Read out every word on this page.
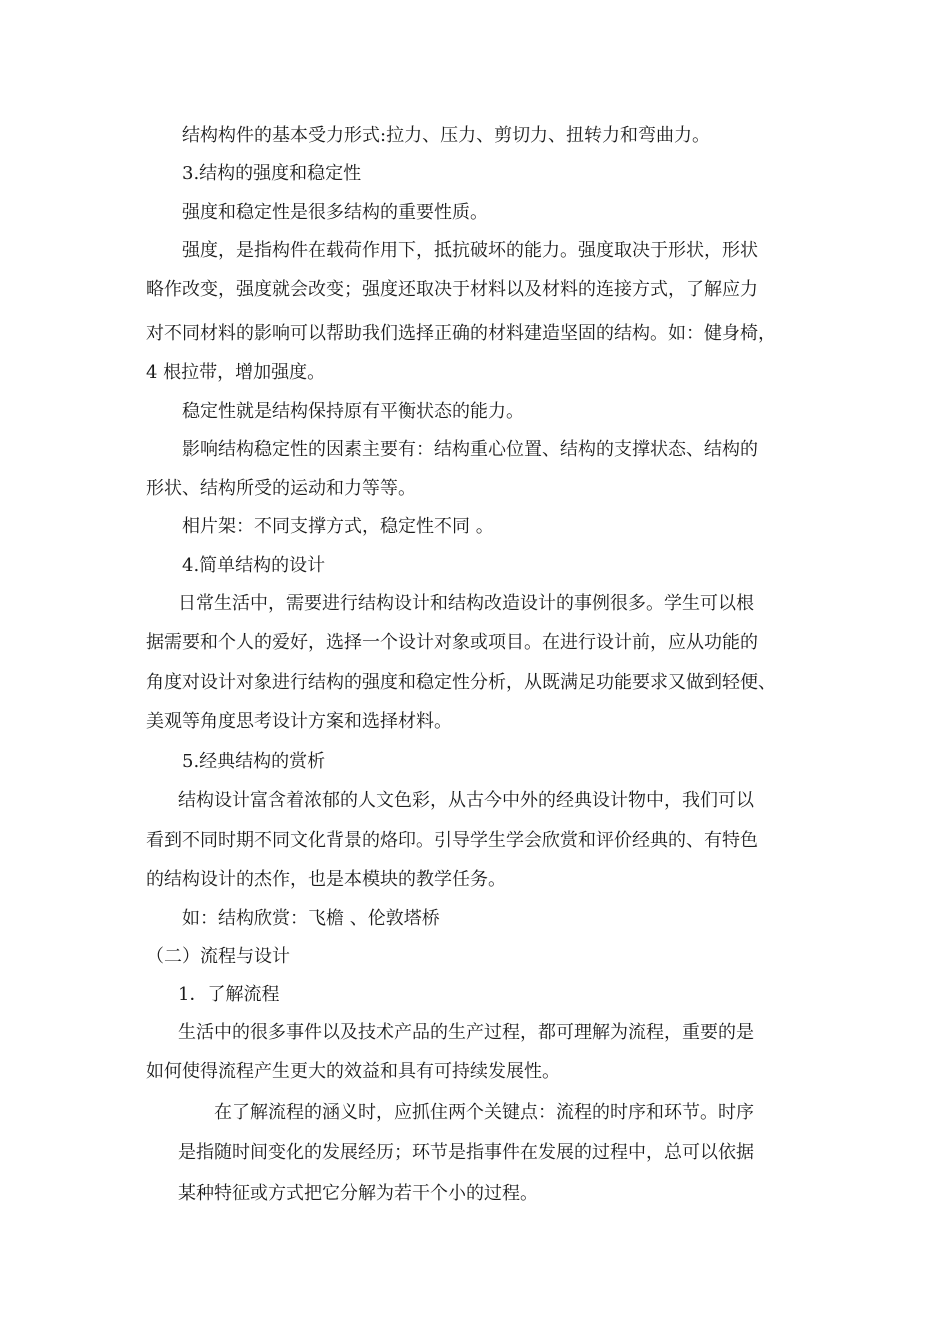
结构构件的基本受力形式:拉力、压力、剪切力、扭转力和弯曲力。
3.结构的强度和稳定性
强度和稳定性是很多结构的重要性质。
强度，是指构件在载荷作用下，抵抗破坏的能力。强度取决于形状，形状
略作改变，强度就会改变；强度还取决于材料以及材料的连接方式，了解应力
对不同材料的影响可以帮助我们选择正确的材料建造坚固的结构。如：健身椅，
4 根拉带，增加强度。
稳定性就是结构保持原有平衡状态的能力。
影响结构稳定性的因素主要有：结构重心位置、结构的支撑状态、结构的
形状、结构所受的运动和力等等。
相片架：不同支撑方式，稳定性不同 。
4.简单结构的设计
日常生活中，需要进行结构设计和结构改造设计的事例很多。学生可以根
据需要和个人的爱好，选择一个设计对象或项目。在进行设计前，应从功能的
角度对设计对象进行结构的强度和稳定性分析，从既满足功能要求又做到轻便、
美观等角度思考设计方案和选择材料。
5.经典结构的赏析
结构设计富含着浓郁的人文色彩，从古今中外的经典设计物中，我们可以
看到不同时期不同文化背景的烙印。引导学生学会欣赏和评价经典的、有特色
的结构设计的杰作，也是本模块的教学任务。
如：结构欣赏：飞檐 、伦敦塔桥
（二）流程与设计
1．了解流程
生活中的很多事件以及技术产品的生产过程，都可理解为流程，重要的是
如何使得流程产生更大的效益和具有可持续发展性。
在了解流程的涵义时，应抓住两个关键点：流程的时序和环节。时序
是指随时间变化的发展经历；环节是指事件在发展的过程中，总可以依据
某种特征或方式把它分解为若干个小的过程。
